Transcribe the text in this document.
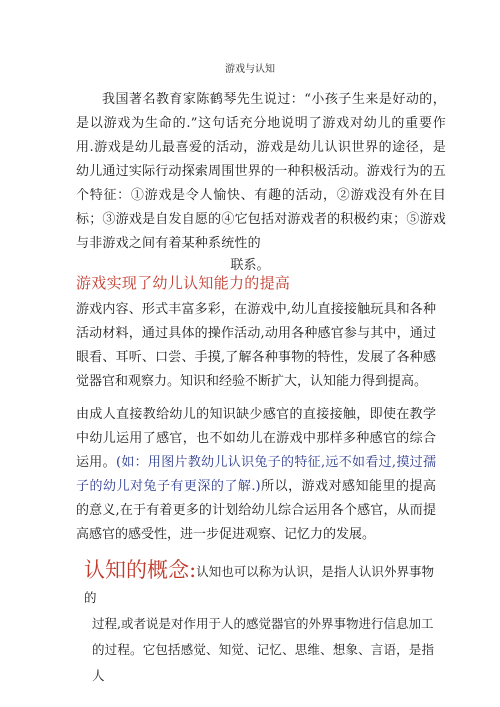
游戏与认知

我国著名教育家陈鹤琴先生说过：“小孩子生来是好动的，是以游戏为生命的.”这句话充分地说明了游戏对幼儿的重要作用.游戏是幼儿最喜爱的活动，游戏是幼儿认识世界的途径，是幼儿通过实际行动探索周围世界的一种积极活动。游戏行为的五个特征：①游戏是令人愉快、有趣的活动，②游戏没有外在目标；③游戏是自发自愿的④它包括对游戏者的积极约束；⑤游戏与非游戏之间有着某种系统性的

联系。
游戏实现了幼儿认知能力的提高

游戏内容、形式丰富多彩，在游戏中,幼儿直接接触玩具和各种活动材料，通过具体的操作活动,动用各种感官参与其中，通过眼看、耳听、口尝、手摸,了解各种事物的特性，发展了各种感觉器官和观察力。知识和经验不断扩大，认知能力得到提高。

由成人直接教给幼儿的知识缺少感官的直接接触，即使在教学中幼儿运用了感官，也不如幼儿在游戏中那样多种感官的综合运用。(如：用图片教幼儿认识兔子的特征,远不如看过,摸过孺子的幼儿对兔子有更深的了解.)所以，游戏对感知能里的提高的意义,在于有着更多的计划给幼儿综合运用各个感官，从而提高感官的感受性，进一步促进观察、记忆力的发展。

认知的概念:认知也可以称为认识，是指人认识外界事物的
过程,或者说是对作用于人的感觉器官的外界事物进行信息加工
的过程。它包括感觉、知觉、记忆、思维、想象、言语，是指人
